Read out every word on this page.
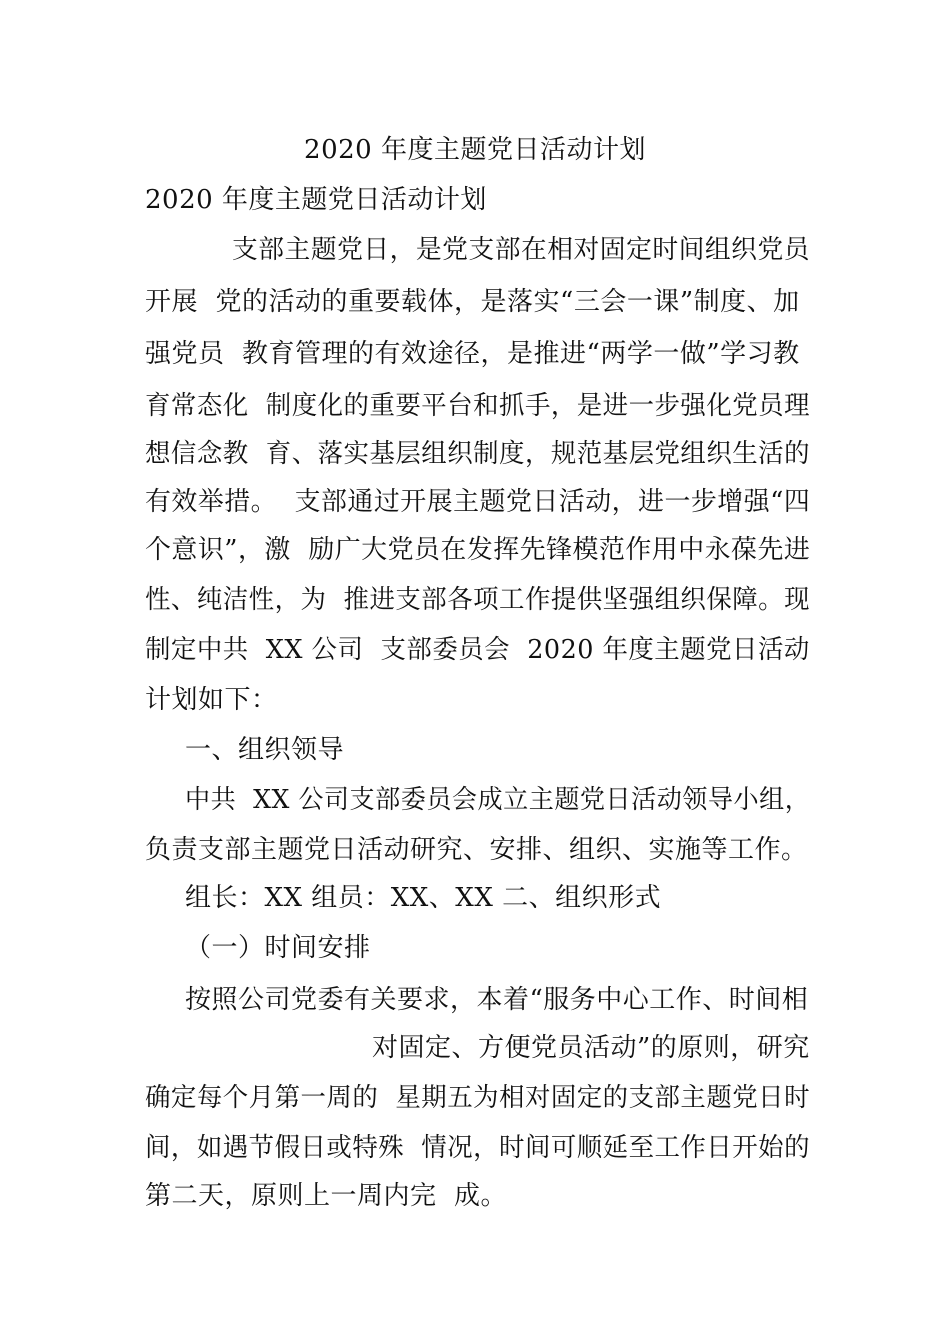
2020 年度主题党日活动计划
2020 年度主题党日活动计划
支部主题党日，是党支部在相对固定时间组织党员
开展  党的活动的重要载体，是落实“三会一课”制度、加
强党员  教育管理的有效途径，是推进“两学一做”学习教
育常态化  制度化的重要平台和抓手，是进一步强化党员理
想信念教  育、落实基层组织制度，规范基层党组织生活的
有效举措。  支部通过开展主题党日活动，进一步增强“四
个意识”，激  励广大党员在发挥先锋模范作用中永葆先进
性、纯洁性，为  推进支部各项工作提供坚强组织保障。现
制定中共  XX 公司  支部委员会  2020 年度主题党日活动
计划如下：
一、组织领导
中共  XX 公司支部委员会成立主题党日活动领导小组，
负责支部主题党日活动研究、安排、组织、实施等工作。
组长：XX 组员：XX、XX 二、组织形式
（一）时间安排
按照公司党委有关要求，本着“服务中心工作、时间相
对固定、方便党员活动”的原则，研究
确定每个月第一周的  星期五为相对固定的支部主题党日时
间，如遇节假日或特殊  情况，时间可顺延至工作日开始的
第二天，原则上一周内完  成。
